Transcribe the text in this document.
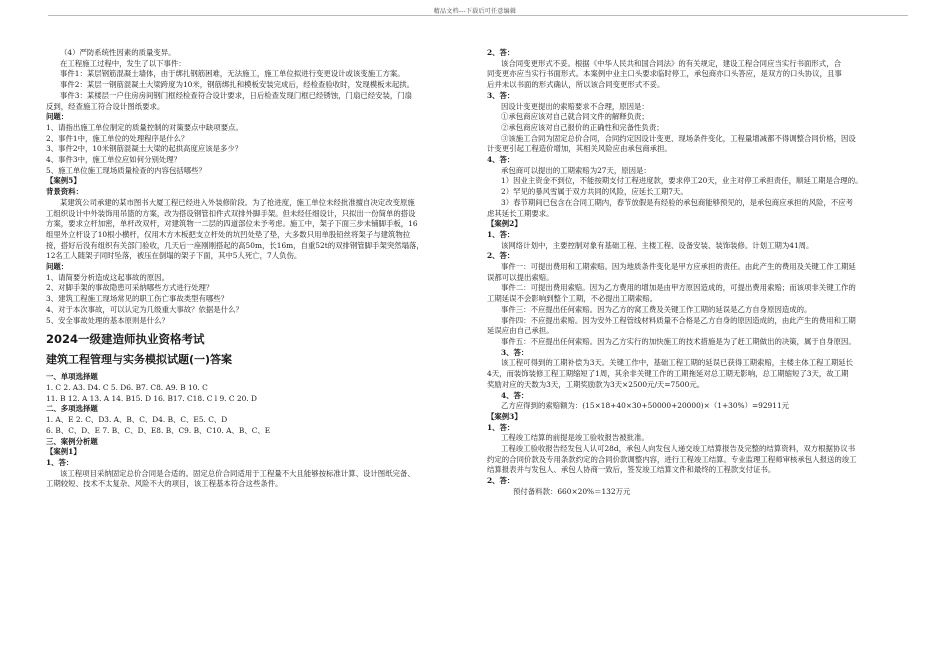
精品文档---下载后可任意编辑
（4）严防系统性因素的质量变异。
在工程施工过程中，发生了以下事件：
事件1：某层钢筋混凝土墙体，由于绑扎钢筋困难，无法施工，施工单位拟进行变更设计或该变施工方案。
事件2：某层一钢筋混凝土大梁跨度为10米，钢筋绑扎和模板安装完成后，经检查验收时，发现模板未起拱。
事件3：某楼层一户住房房间钢门框经检查符合设计要求，日后检查发现门框已经锈蚀，门扇已经安装，门扇
反到，经查施工符合设计图纸要求。
问题：
1、请指出施工单位制定的质量控制的对策要点中缺项要点。
2、事件1中，施工单位的处理程序是什么？
3、事件2中，10米钢筋混凝土大梁的起拱高度应该是多少？
4、事件3中，施工单位应如何分别处理？
5、施工单位施工现场质量检查的内容包括哪些？
【案例5】
背景资料：
某建筑公司承建的某市图书大厦工程已经进入外装修阶段。为了抢进度，施工单位未经批准擅自决定改变原施
工组织设计中外装饰用吊篮的方案，改为搭设钢管扣件式双排外脚手架。但未经任细设计，只拟出一份简单的搭设
方案，要求立杆加密，单杆改双杆，对建筑物一二层的四道部位未予考虑。施工中，架子下面三步未铺脚手板，16
组里外立杆设了10根小横杆，仅用木方木板把支立杆处的坑凹处垫了垫，大多数只用单股铅丝将架子与建筑物拉
接，搭好后没有组织有关部门验收，几天后一座刚刚搭起的高50m，长16m，自重52t的双排钢管脚手架突然塌落，
12名工人随架子同时坠落，被压在倒塌的架子下面，其中5人死亡，7人负伤。
问题：
1、请简要分析造成这起事故的原因。
2、对脚手架的事故隐患可采纳哪些方式进行处理？
3、建筑工程施工现场常见的职工伤亡事故类型有哪些？
4、对于本次事故，可以认定为几级重大事故？依据是什么？
5、安全事故处理的基本原则是什么？
2024一级建造师执业资格考试
建筑工程管理与实务模拟试题(一)答案
一、单项选择题
1. C 2. A3. D4. C 5. D6. B7. C8. A9. B 10. C
11. B 12. A 13. A 14. B15. D 16. B17. C18. C l 9. C 20. D
二、多项选择题
1. A、E 2. C、D3. A、B、C、D4. B、C、E5. C、D
6. B、C、D、E 7. B、C、D、E8. B、C9. B、C10. A、B、C、E
三、案例分析题
【案例1】
1、答：
该工程项目采纳固定总价合同是合适的。固定总价合同适用于工程量不大且能够按标准计算、设计图纸完备、
工期较短、技术不太复杂、风险不大的项目，该工程基本符合这些条件。
2、答：
该合同变更形式不妥。根据《中华人民共和国合同法》的有关规定，建设工程合同应当实行书面形式，合
同变更亦应当实行书面形式。本案例中业主口头要求临时停工，承包商亦口头答应，是双方的口头协议，且事
后并未以书面的形式确认，所以该合同变更形式不妥。
3、答：
因设计变更提出的索赔要求不合理，原因是：
①承包商应该对自己就合同文件的解释负责；
②承包商应该对自己报价的正确性和完备性负责；
③该施工合同为固定总价合同，合同约定因设计变更、现场条件变化，工程量增减都不得调整合同价格，因设
计变更引起工程造价增加，其相关风险应由承包商承担。
4、答：
承包商可以提出的工期索赔为27天，原因是：
1）因业主资金不到位，不能按期支付工程进度款，要求停工20天，业主对停工承担责任，顺延工期是合理的。
2）罕见的暴风雪属于双方共同的风险，应延长工期7天。
3）春节期间已包含在合同工期内，春节放假是有经验的承包商能够预见的，是承包商应承担的风险，不应考
虑其延长工期要求。
【案例2】
1、答：
该网络计划中，主要控制对象有基础工程、主楼工程、设备安装、装饰装修。计划工期为41周。
2、答：
事件一：可提出费用和工期索赔。因为地质条件变化是甲方应承担的责任。由此产生的费用及关键工作工期延
误都可以提出索赔。
事件二：可提出费用索赔。因为乙方费用的增加是由甲方原因造成的，可提出费用索赔；而该项非关键工作的
工期延误不会影响到整个工期，不必提出工期索赔。
事件三：不应提出任何索赔。因为乙方的窝工费及关键工作工期的延误是乙方自身原因造成的。
事件四：不应提出索赔。因为安外工程管线材料质量不合格是乙方自身的原因造成的，由此产生的费用和工期
延误应由自己承担。
事件五：不应提出任何索赔。因为乙方实行的加快施工的技术措施是为了赶工期做出的决策，属于自身原因。
3、答：
该工程可得到的工期补偿为3天。关键工作中，基础工程工期的延误已获得工期索赔，主楼主体工程工期延长
4天，而装饰装修工程工期缩短了1周，其余非关键工作的工期拖延对总工期无影响，总工期缩短了3天，故工期
奖励对应的天数为3天，工期奖励款为3天×2500元/天=7500元。
4、答：
乙方应得到的索赔额为：(15×18+40×30+50000+20000)×（1+30%）=92911元
【案例3】
1、答：
工程竣工结算的前提是竣工验收报告被批准。
工程竣工验收报告经发包人认可28d，承包人向发包人递交竣工结算报告及完整的结算资料，双方根据协议书
约定的合同价款及专用条款约定的合同价款调整内容，进行工程竣工结算。专业监理工程师审核承包人报送的竣工
结算报表并与发包人、承包人协商一致后，签发竣工结算文件和最终的工程款支付证书。
2、答：
预付备料款：660×20%＝132万元
